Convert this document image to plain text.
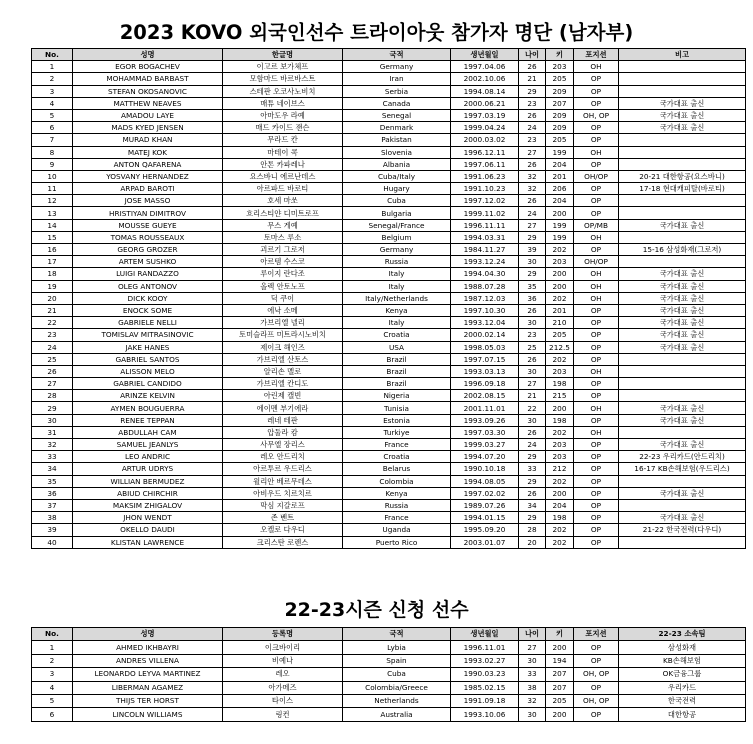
2023 KOVO 외국인선수 트라이아웃 참가자 명단 (남자부)
No.	성명	한글명	국적	생년월일	나이	키	포지션	비고
1	EGOR BOGACHEV	이고르 보가체프	Germany	1997.04.06	26	203	OH	
2	MOHAMMAD BARBAST	모함마드 바르바스트	Iran	2002.10.06	21	205	OP	
3	STEFAN OKOSANOVIC	스테판 오코사노비치	Serbia	1994.08.14	29	209	OP	
4	MATTHEW NEAVES	매튜 네이브스	Canada	2000.06.21	23	207	OP	국가대표 출신
5	AMADOU LAYE	아마도우 라예	Senegal	1997.03.19	26	209	OH, OP	국가대표 출신
6	MADS KYED JENSEN	매드 카이드 잰슨	Denmark	1999.04.24	24	209	OP	국가대표 출신
7	MURAD KHAN	무라드 칸	Pakistan	2000.03.02	23	205	OP	
8	MATEJ KOK	마테이 콕	Slovenia	1996.12.11	27	199	OH	
9	ANTON QAFARENA	안톤 카파레나	Albania	1997.06.11	26	204	OP	
10	YOSVANY HERNANDEZ	요스바니 에르난데스	Cuba/Italy	1991.06.23	32	201	OH/OP	20-21 대한항공(요스바니)
11	ARPAD BAROTI	아르파드 바로티	Hugary	1991.10.23	32	206	OP	17-18 현대캐피탈(바로티)
12	JOSE MASSO	호세 마쏘	Cuba	1997.12.02	26	204	OP	
13	HRISTIYAN DIMITROV	흐리스티얀 디미트로프	Bulgaria	1999.11.02	24	200	OP	
14	MOUSSE GUEYE	무스 게예	Senegal/France	1996.11.11	27	199	OP/MB	국가대표 출신
15	TOMAS ROUSSEAUX	토마스 루소	Belgium	1994.03.31	29	199	OH	
16	GEORG GROZER	괴르기 그로저	Germany	1984.11.27	39	202	OP	15-16 삼성화재(그로저)
17	ARTEM SUSHKO	아르템 수스코	Russia	1993.12.24	30	203	OH/OP	
18	LUIGI RANDAZZO	루이지 란다조	Italy	1994.04.30	29	200	OH	국가대표 출신
19	OLEG ANTONOV	올렉 안토노프	Italy	1988.07.28	35	200	OH	국가대표 출신
20	DICK KOOY	딕 쿠이	Italy/Netherlands	1987.12.03	36	202	OH	국가대표 출신
21	ENOCK SOME	에낙 소메	Kenya	1997.10.30	26	201	OP	국가대표 출신
22	GABRIELE NELLI	가브리엘 넬리	Italy	1993.12.04	30	210	OP	국가대표 출신
23	TOMISLAV MITRASINOVIC	토미슬라프 미트라시노비치	Croatia	2000.02.14	23	205	OP	국가대표 출신
24	JAKE HANES	제이크 해인즈	USA	1998.05.03	25	212.5	OP	국가대표 출신
25	GABRIEL SANTOS	가브리엘 산토스	Brazil	1997.07.15	26	202	OP	
26	ALISSON MELO	알리손 멜로	Brazil	1993.03.13	30	203	OH	
27	GABRIEL CANDIDO	가브리엘 칸디도	Brazil	1996.09.18	27	198	OP	
28	ARINZE KELVIN	아린제 캘빈	Nigeria	2002.08.15	21	215	OP	
29	AYMEN BOUGUERRA	에이멘 부기에라	Tunisia	2001.11.01	22	200	OH	국가대표 출신
30	RENEE TEPPAN	레네 테판	Estonia	1993.09.26	30	198	OP	국가대표 출신
31	ABDULLAH CAM	압둘라 캄	Turkiye	1997.03.30	26	202	OH	
32	SAMUEL JEANLYS	사무엘 장리스	France	1999.03.27	24	203	OP	국가대표 출신
33	LEO ANDRIC	레오 안드리치	Croatia	1994.07.20	29	203	OP	22-23 우리카드(안드리치)
34	ARTUR UDRYS	아르투르 우드리스	Belarus	1990.10.18	33	212	OP	16-17 KB손해보험(우드리스)
35	WILLIAN BERMUDEZ	윌리안 베르무데스	Colombia	1994.08.05	29	202	OP	
36	ABIUD CHIRCHIR	아비우드 치르치르	Kenya	1997.02.02	26	200	OP	국가대표 출신
37	MAKSIM ZHIGALOV	막심 지갈로프	Russia	1989.07.26	34	204	OP	
38	JHON WENDT	존 벤트	France	1994.01.15	29	198	OP	국가대표 출신
39	OKELLO DAUDI	오켈로 다우디	Uganda	1995.09.20	28	202	OP	21-22 한국전력(다우디)
40	KLISTAN LAWRENCE	크리스탄 로렌스	Puerto Rico	2003.01.07	20	202	OP	
22-23시즌 신청 선수
No.	성명	등록명	국적	생년월일	나이	키	포지션	22-23 소속팀
1	AHMED IKHBAYRI	이크바이리	Lybia	1996.11.01	27	200	OP	삼성화재
2	ANDRES VILLENA	비예나	Spain	1993.02.27	30	194	OP	KB손해보험
3	LEONARDO LEYVA MARTINEZ	레오	Cuba	1990.03.23	33	207	OH, OP	OK금융그룹
4	LIBERMAN AGAMEZ	아가메즈	Colombia/Greece	1985.02.15	38	207	OP	우리카드
5	THIJS TER HORST	타이스	Netherlands	1991.09.18	32	205	OH, OP	한국전력
6	LINCOLN WILLIAMS	링컨	Australia	1993.10.06	30	200	OP	대한항공
